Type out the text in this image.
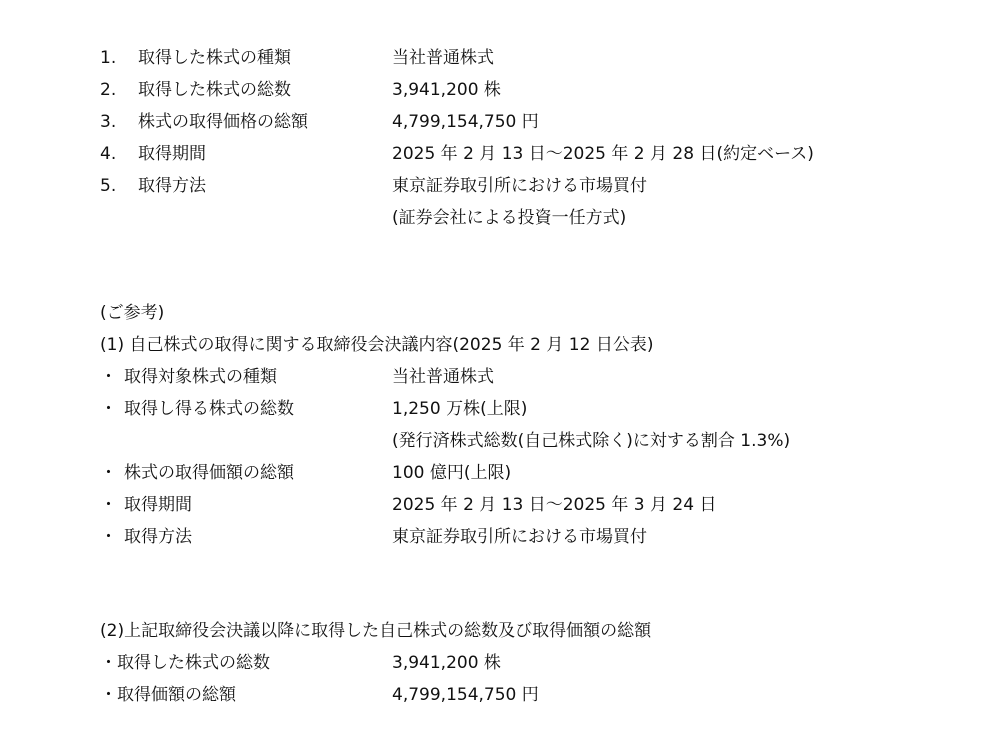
1. 取得した株式の種類	当社普通株式
2. 取得した株式の総数	3,941,200 株
3. 株式の取得価格の総額	4,799,154,750 円
4. 取得期間	2025 年 2 月 13 日～2025 年 2 月 28 日(約定ベース)
5. 取得方法	東京証券取引所における市場買付
(証券会社による投資一任方式)
(ご参考)
(1) 自己株式の取得に関する取締役会決議内容(2025 年 2 月 12 日公表)
・ 取得対象株式の種類	当社普通株式
・ 取得し得る株式の総数	1,250 万株(上限)
(発行済株式総数(自己株式除く)に対する割合 1.3%)
・ 株式の取得価額の総額	100 億円(上限)
・ 取得期間	2025 年 2 月 13 日～2025 年 3 月 24 日
・ 取得方法	東京証券取引所における市場買付
(2)上記取締役会決議以降に取得した自己株式の総数及び取得価額の総額
・取得した株式の総数	3,941,200 株
・取得価額の総額	4,799,154,750 円
